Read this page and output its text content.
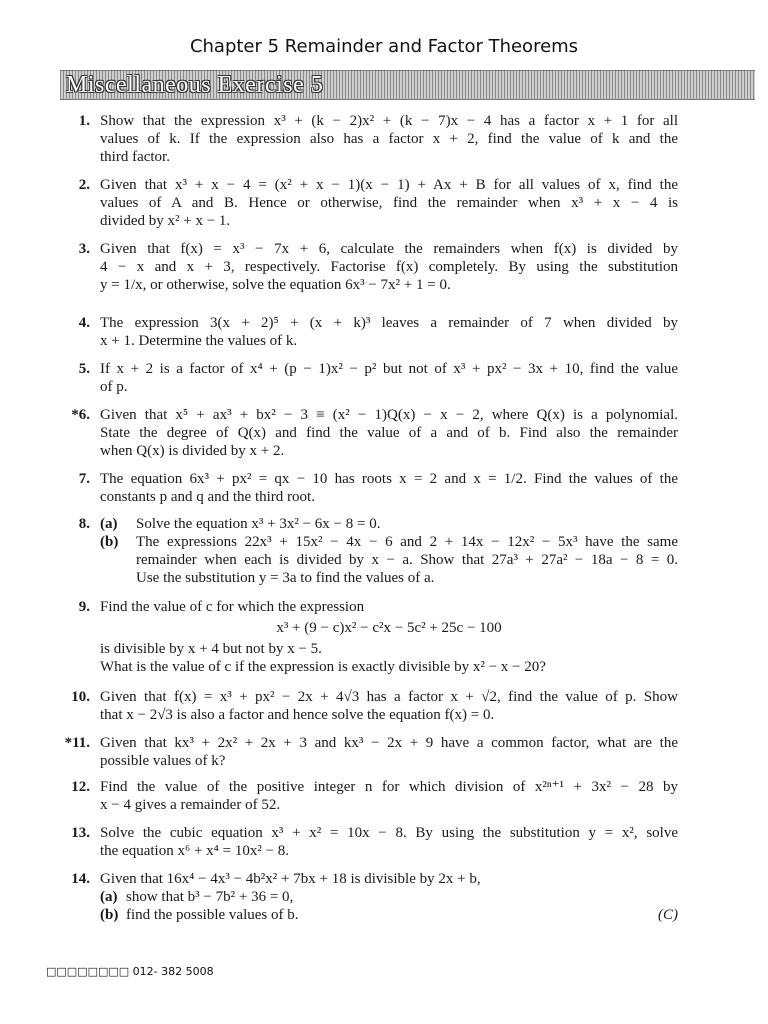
Chapter 5 Remainder and Factor Theorems
Miscellaneous Exercise 5
1. Show that the expression x³ + (k − 2)x² + (k − 7)x − 4 has a factor x + 1 for all
values of k. If the expression also has a factor x + 2, find the value of k and the
third factor.
2. Given that x³ + x − 4 = (x² + x − 1)(x − 1) + Ax + B for all values of x, find the
values of A and B. Hence or otherwise, find the remainder when x³ + x − 4 is
divided by x² + x − 1.
3. Given that f(x) = x³ − 7x + 6, calculate the remainders when f(x) is divided by
4 − x and x + 3, respectively. Factorise f(x) completely. By using the substitution
y = 1/x, or otherwise, solve the equation 6x³ − 7x² + 1 = 0.
4. The expression 3(x + 2)⁵ + (x + k)³ leaves a remainder of 7 when divided by
x + 1. Determine the values of k.
5. If x + 2 is a factor of x⁴ + (p − 1)x² − p² but not of x³ + px² − 3x + 10, find the value
of p.
*6. Given that x⁵ + ax³ + bx² − 3 ≡ (x² − 1)Q(x) − x − 2, where Q(x) is a polynomial.
State the degree of Q(x) and find the value of a and of b. Find also the remainder
when Q(x) is divided by x + 2.
7. The equation 6x³ + px² = qx − 10 has roots x = 2 and x = 1/2. Find the values of the
constants p and q and the third root.
8. (a) Solve the equation x³ + 3x² − 6x − 8 = 0.
(b) The expressions 22x³ + 15x² − 4x − 6 and 2 + 14x − 12x² − 5x³ have the same
remainder when each is divided by x − a. Show that 27a³ + 27a² − 18a − 8 = 0.
Use the substitution y = 3a to find the values of a.
9. Find the value of c for which the expression
x³ + (9 − c)x² − c²x − 5c² + 25c − 100
is divisible by x + 4 but not by x − 5.
What is the value of c if the expression is exactly divisible by x² − x − 20?
10. Given that f(x) = x³ + px² − 2x + 4√3 has a factor x + √2, find the value of p. Show
that x − 2√3 is also a factor and hence solve the equation f(x) = 0.
*11. Given that kx³ + 2x² + 2x + 3 and kx³ − 2x + 9 have a common factor, what are the
possible values of k?
12. Find the value of the positive integer n for which division of x²ⁿ⁺¹ + 3x² − 28 by
x − 4 gives a remainder of 52.
13. Solve the cubic equation x³ + x² = 10x − 8. By using the substitution y = x², solve
the equation x⁶ + x⁴ = 10x² − 8.
14. Given that 16x⁴ − 4x³ − 4b²x² + 7bx + 18 is divisible by 2x + b,
(a) show that b³ − 7b² + 36 = 0,
(b) find the possible values of b.	(C)
□□□□□□□□ 012- 382 5008
